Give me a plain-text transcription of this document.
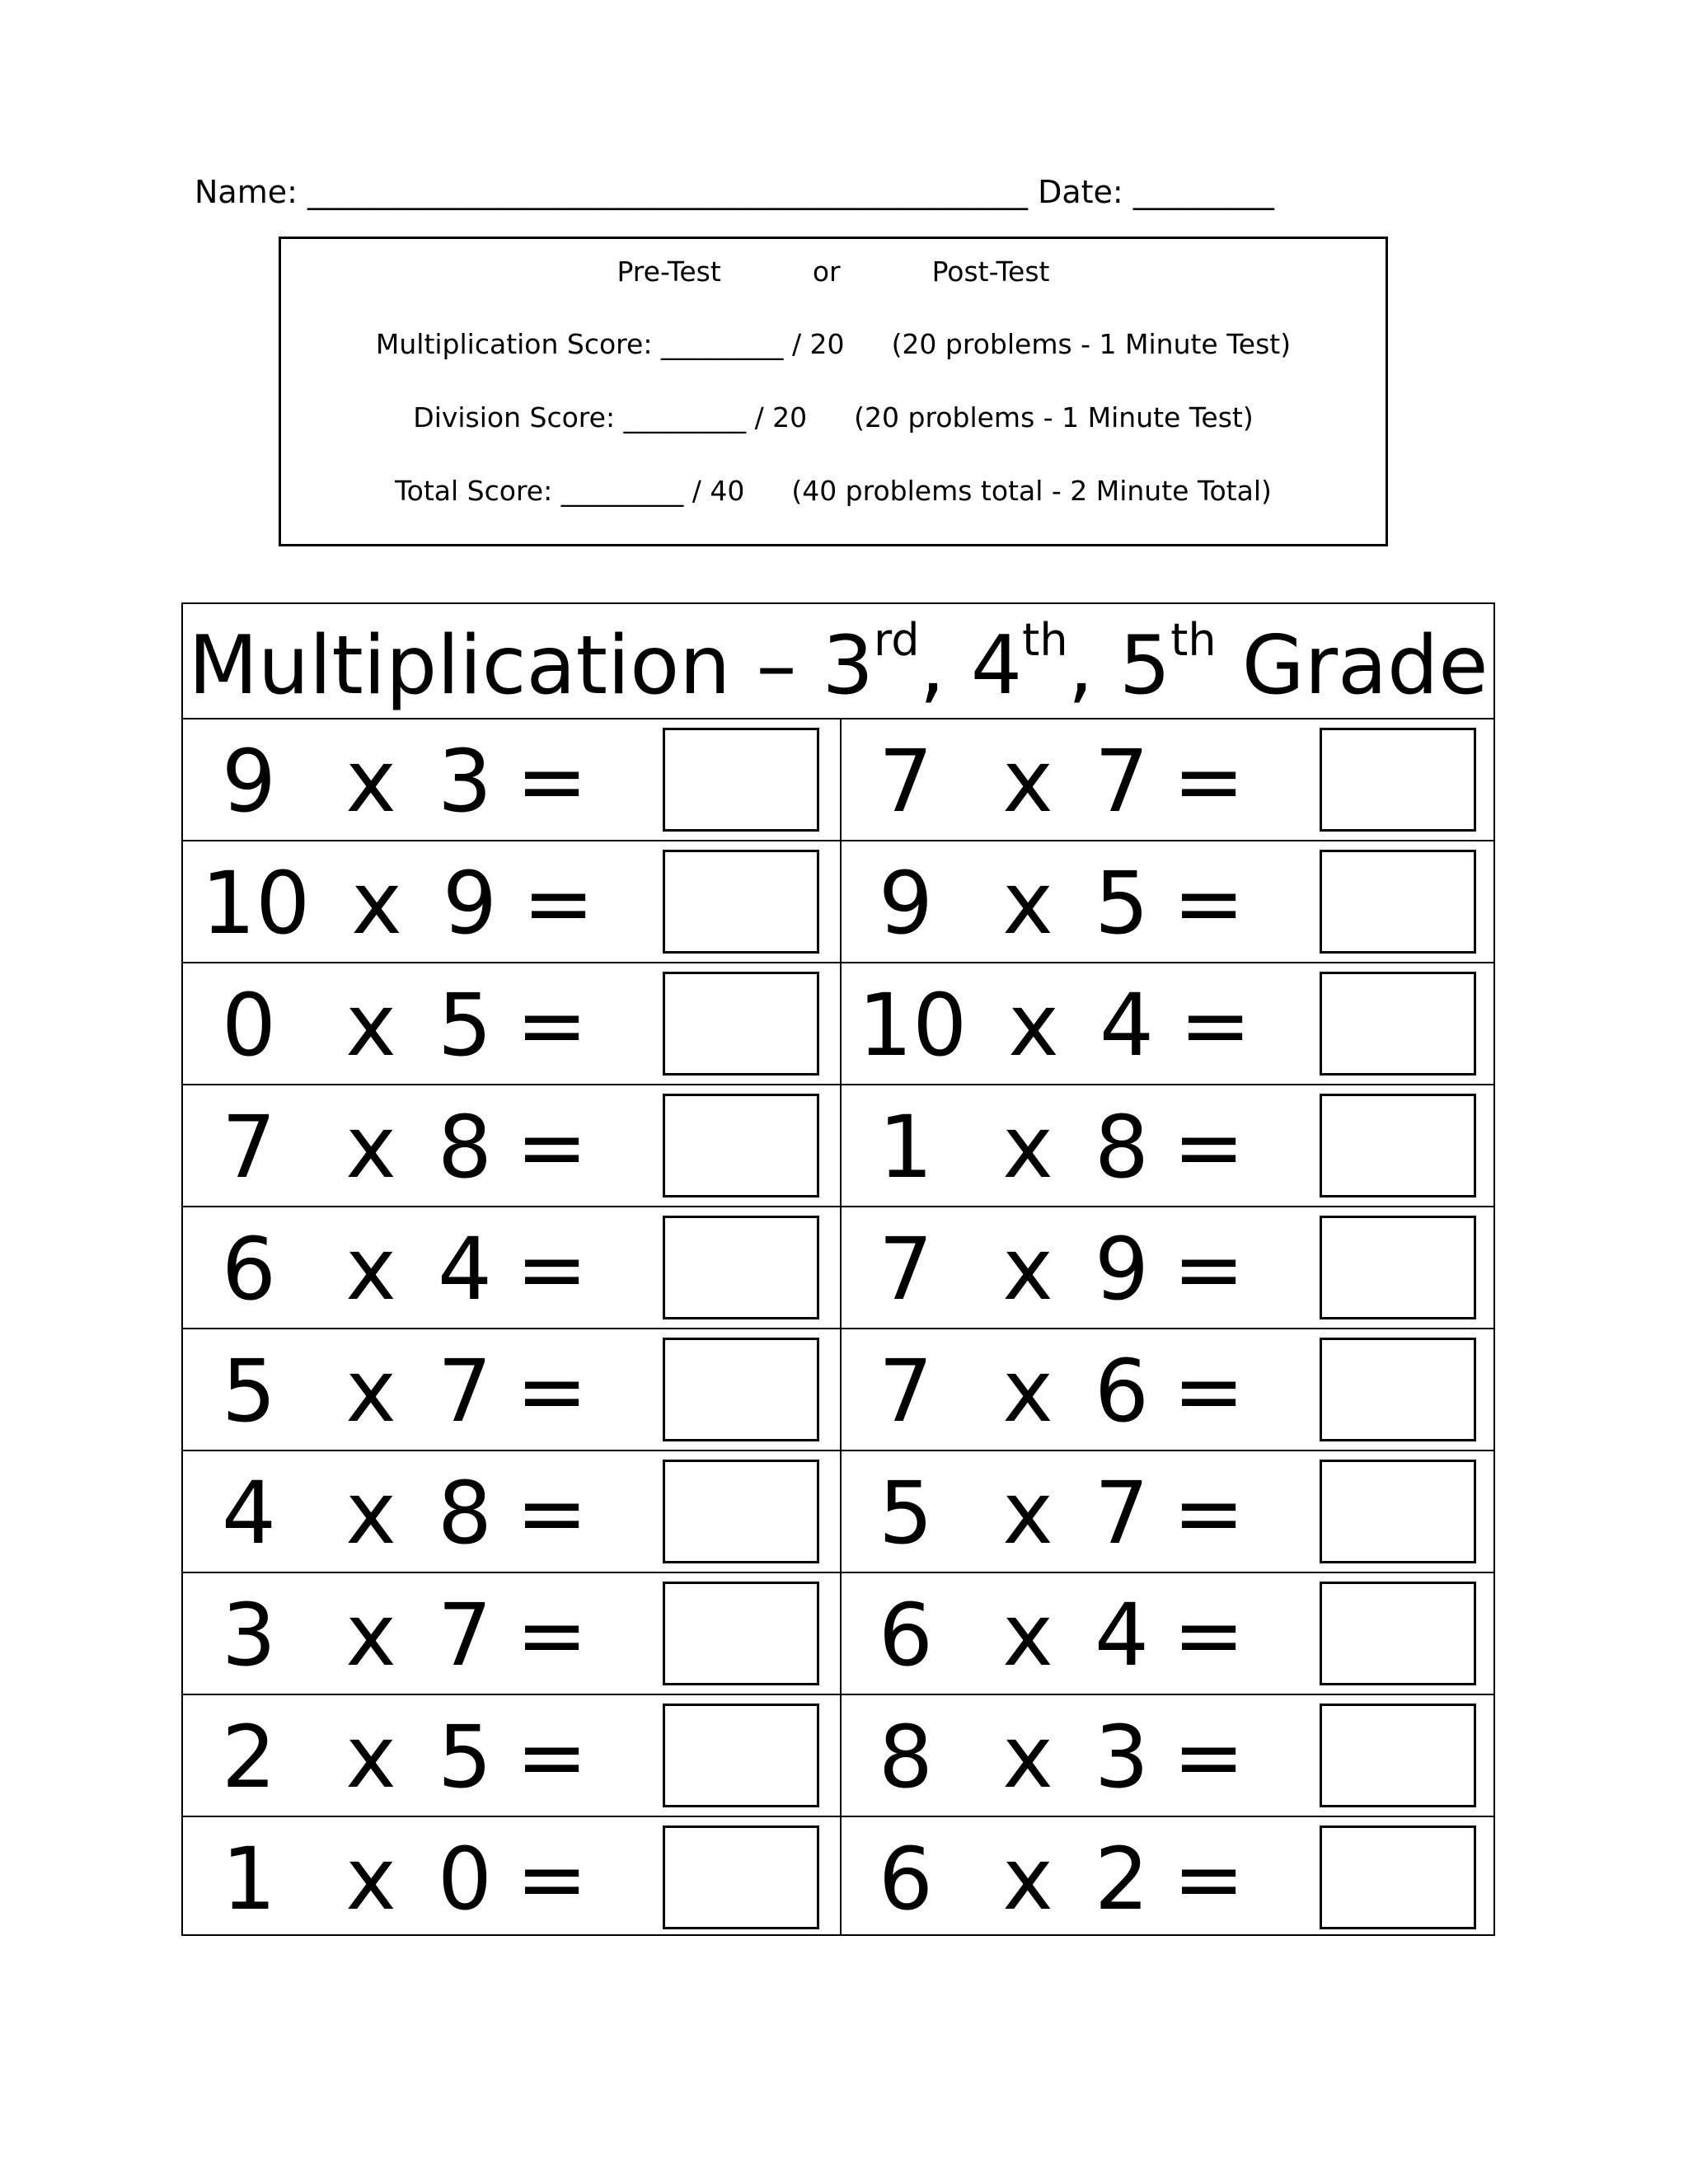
Name: ______________________________________________ Date: _________
Pre-Test	or	Post-Test
Multiplication Score: _________ / 20 (20 problems - 1 Minute Test)
Division Score: _________ / 20 (20 problems - 1 Minute Test)
Total Score: _________ / 40 (40 problems total - 2 Minute Total)
Multiplication – 3rd, 4th, 5th Grade
9 x 3 =	7 x 7 =
10 x 9 =	9 x 5 =
0 x 5 =	10 x 4 =
7 x 8 =	1 x 8 =
6 x 4 =	7 x 9 =
5 x 7 =	7 x 6 =
4 x 8 =	5 x 7 =
3 x 7 =	6 x 4 =
2 x 5 =	8 x 3 =
1 x 0 =	6 x 2 =
